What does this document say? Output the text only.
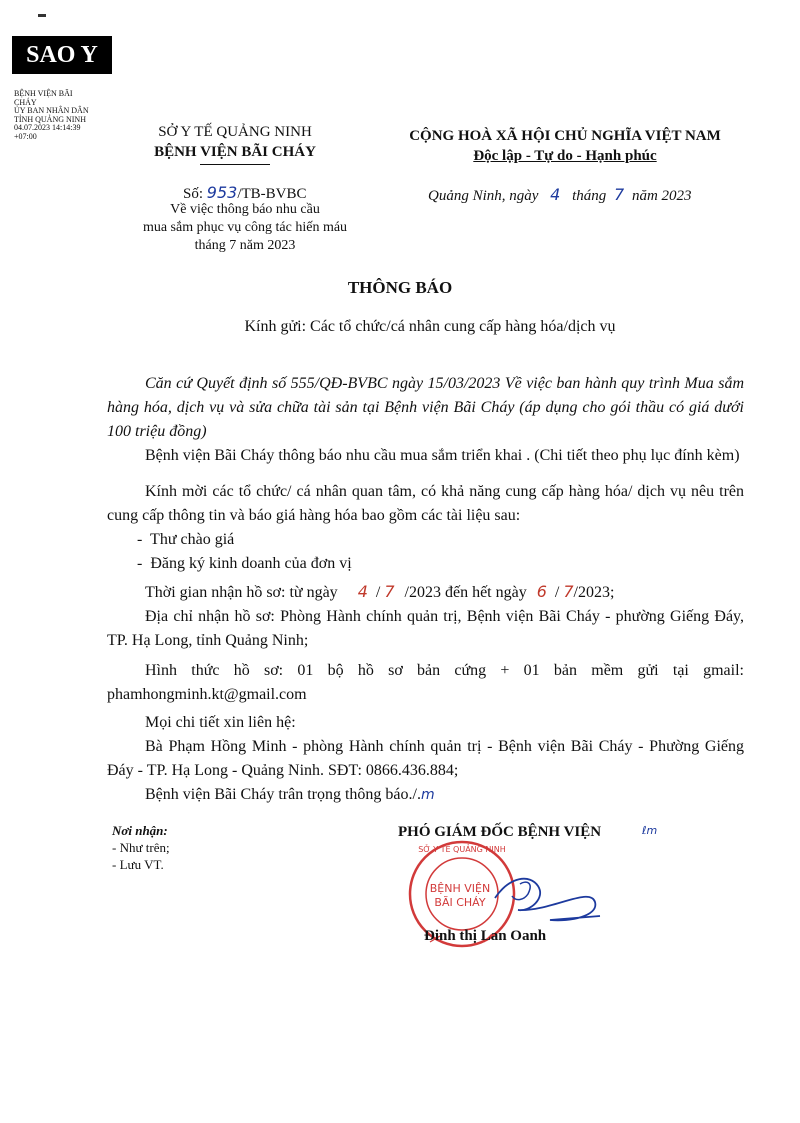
SAO Y
BỆNH VIỆN BÃI
CHÁY
ỦY BAN NHÂN DÂN
TỈNH QUẢNG NINH
04.07.2023 14:14:39
+07:00	SỞ Y TẾ QUẢNG NINH
BỆNH VIỆN BÃI CHÁY
Số: 953/TB-BVBC
Về việc thông báo nhu cầu
mua sắm phục vụ công tác hiến máu
tháng 7 năm 2023
CỘNG HOÀ XÃ HỘI CHỦ NGHĨA VIỆT NAM
Độc lập - Tự do - Hạnh phúc
Quảng Ninh, ngày 4 tháng 7 năm 2023
THÔNG BÁO
Kính gửi: Các tổ chức/cá nhân cung cấp hàng hóa/dịch vụ

Căn cứ Quyết định số 555/QĐ-BVBC ngày 15/03/2023 Về việc ban hành quy trình Mua sắm hàng hóa, dịch vụ và sửa chữa tài sản tại Bệnh viện Bãi Cháy (áp dụng cho gói thầu có giá dưới 100 triệu đồng)

Bệnh viện Bãi Cháy thông báo nhu cầu mua sắm triển khai . (Chi tiết theo phụ lục đính kèm)

Kính mời các tổ chức/ cá nhân quan tâm, có khả năng cung cấp hàng hóa/ dịch vụ nêu trên cung cấp thông tin và báo giá hàng hóa bao gồm các tài liệu sau:

-  Thư chào giá

-  Đăng ký kinh doanh của đơn vị

Thời gian nhận hồ sơ: từ ngày 4 / 7 /2023 đến hết ngày 6 / 7/2023;

Địa chỉ nhận hồ sơ: Phòng Hành chính quản trị, Bệnh viện Bãi Cháy - phường Giếng Đáy, TP. Hạ Long, tỉnh Quảng Ninh;

Hình thức hồ sơ: 01 bộ hồ sơ bản cứng + 01 bản mềm gửi tại gmail:

phamhongminh.kt@gmail.com

Mọi chi tiết xin liên hệ:

Bà Phạm Hồng Minh - phòng Hành chính quản trị - Bệnh viện Bãi Cháy - Phường Giếng Đáy - TP. Hạ Long - Quảng Ninh. SĐT: 0866.436.884;

Bệnh viện Bãi Cháy trân trọng thông báo./.m

Nơi nhận:
- Như trên;
- Lưu VT.
PHÓ GIÁM ĐỐC BỆNH VIỆN	ℓm
SỞ Y TẾ QUẢNG NINH
BỆNH VIỆN
BÃI CHÁY
Đinh thị Lan Oanh
